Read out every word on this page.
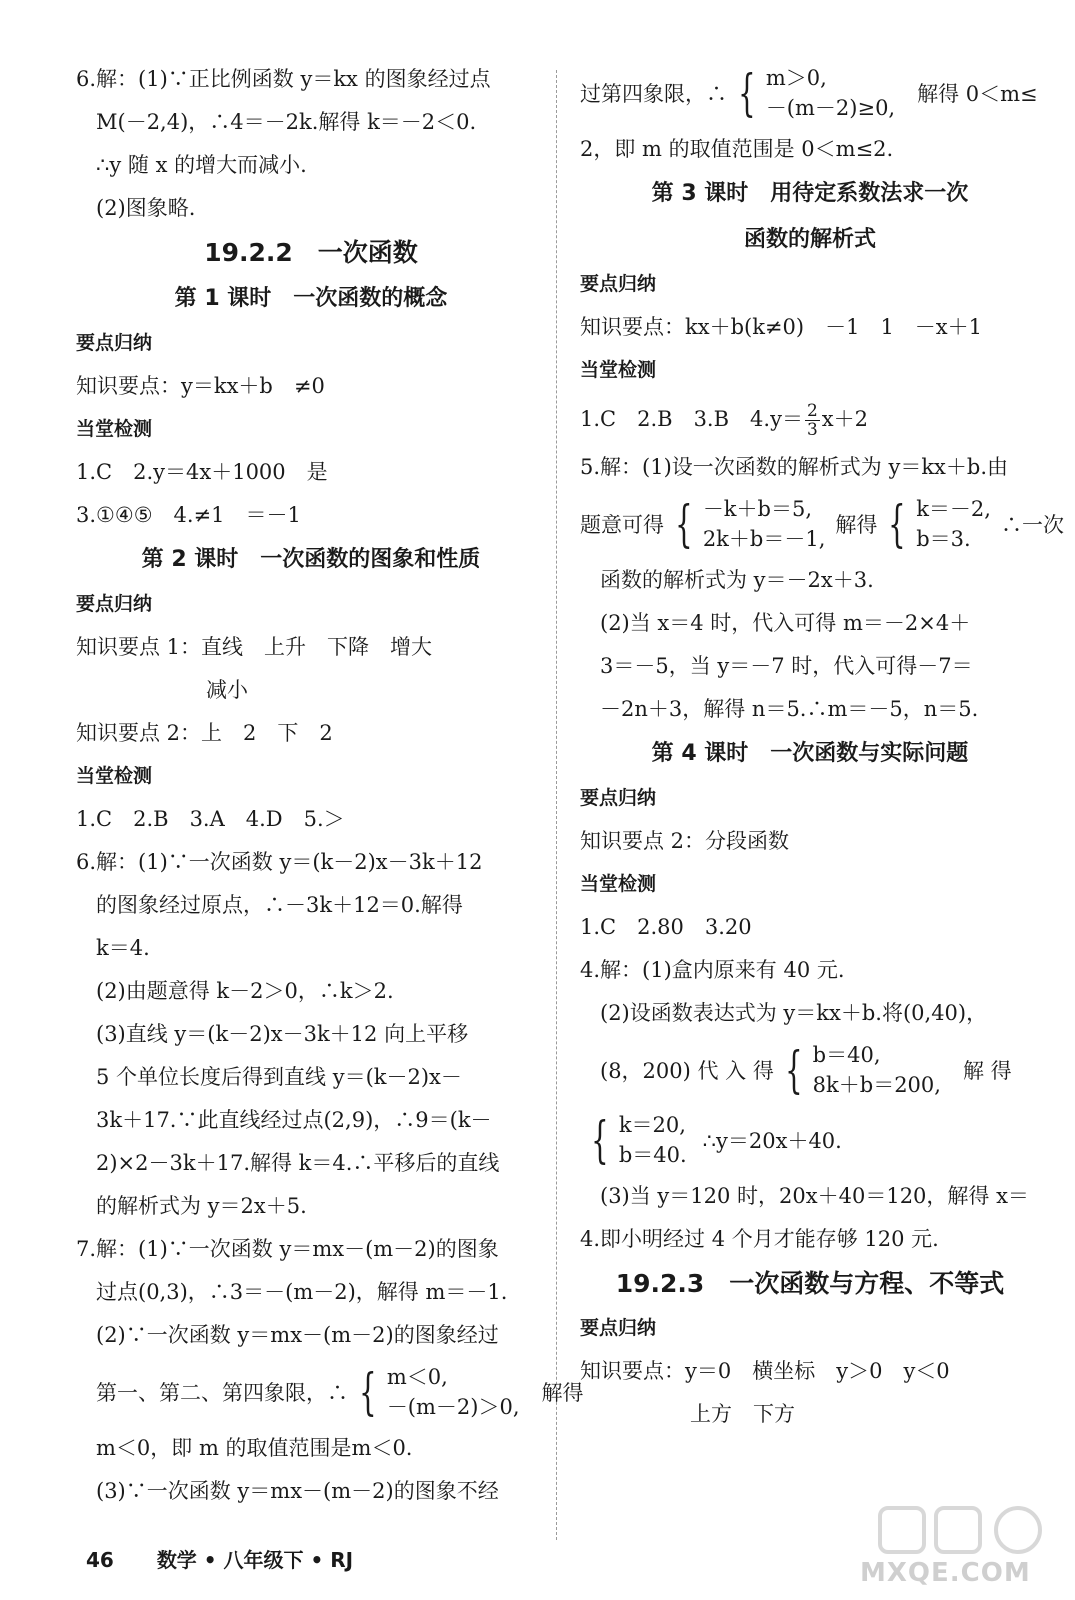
6.解：(1)∵正比例函数 y＝kx 的图象经过点
M(－2,4)，∴4＝－2k.解得 k＝－2＜0.
∴y 随 x 的增大而减小.
(2)图象略.
19.2.2　一次函数
第 1 课时　一次函数的概念
要点归纳
知识要点：y＝kx＋b　≠0
当堂检测
1.C　2.y＝4x＋1000　是
3.①④⑤　4.≠1　＝－1
第 2 课时　一次函数的图象和性质
要点归纳
知识要点 1：直线　上升　下降　增大
减小
知识要点 2：上　2　下　2
当堂检测
1.C　2.B　3.A　4.D　5.＞
6.解：(1)∵一次函数 y＝(k－2)x－3k＋12
的图象经过原点，∴－3k＋12＝0.解得
k＝4.
(2)由题意得 k－2＞0，∴k＞2.
(3)直线 y＝(k－2)x－3k＋12 向上平移
5 个单位长度后得到直线 y＝(k－2)x－
3k＋17.∵此直线经过点(2,9)，∴9＝(k－
2)×2－3k＋17.解得 k＝4.∴平移后的直线
的解析式为 y＝2x＋5.
7.解：(1)∵一次函数 y＝mx－(m－2)的图象
过点(0,3)，∴3＝－(m－2)，解得 m＝－1.
(2)∵一次函数 y＝mx－(m－2)的图象经过
第一、第二、第四象限，∴ { m＜0,
－(m－2)＞0,
解得
m＜0，即 m 的取值范围是m＜0.
(3)∵一次函数 y＝mx－(m－2)的图象不经
过第四象限，∴ { m＞0,
－(m－2)≥0,
解得 0＜m≤
2，即 m 的取值范围是 0＜m≤2.
第 3 课时　用待定系数法求一次
函数的解析式
要点归纳
知识要点：kx＋b(k≠0)　－1　1　－x＋1
当堂检测
1.C　2.B　3.B　$4.y= \frac{2}{3} x+2$
5.解：(1)设一次函数的解析式为 y＝kx＋b.由
题意可得 { －k＋b＝5,
2k＋b＝－1,
解得 { k＝－2,
b＝3.
∴一次
函数的解析式为 y＝－2x＋3.
(2)当 x＝4 时，代入可得 m＝－2×4＋
3＝－5，当 y＝－7 时，代入可得－7＝
－2n＋3，解得 n＝5.∴m＝－5，n＝5.
第 4 课时　一次函数与实际问题
要点归纳
知识要点 2：分段函数
当堂检测
1.C　2.80　3.20
4.解：(1)盒内原来有 40 元.
(2)设函数表达式为 y＝kx＋b.将(0,40)，
(8，200) 代 入 得 { b＝40,
8k＋b＝200,
解 得
{ k＝20,
b＝40.
∴y＝20x＋40.
(3)当 y＝120 时，20x＋40＝120，解得 x＝
4.即小明经过 4 个月才能存够 120 元.
19.2.3　一次函数与方程、不等式
要点归纳
知识要点：y＝0　横坐标　y＞0　y＜0
上方　下方
46 数学 • 八年级下 • RJ	MXQE.COM
